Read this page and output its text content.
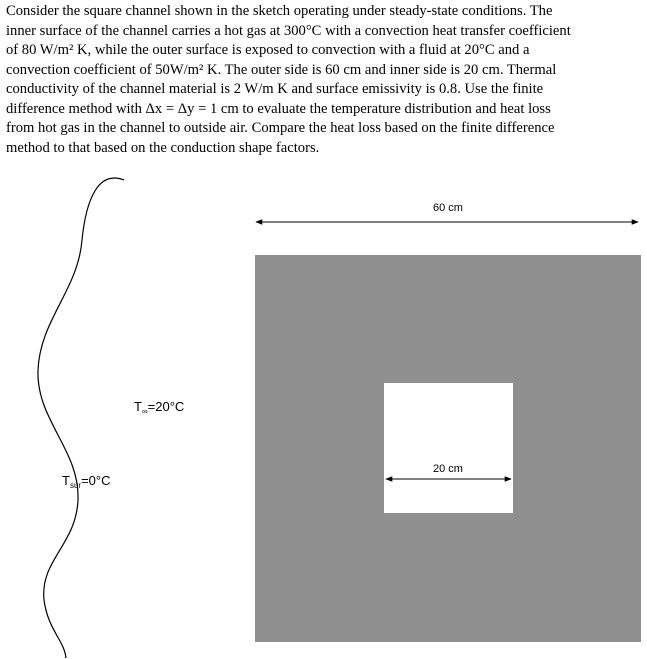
Consider the square channel shown in the sketch operating under steady-state conditions. The
inner surface of the channel carries a hot gas at 300°C with a convection heat transfer coefficient
of 80 W/m² K, while the outer surface is exposed to convection with a fluid at 20°C and a
convection coefficient of 50W/m² K. The outer side is 60 cm and inner side is 20 cm. Thermal
conductivity of the channel material is 2 W/m K and surface emissivity is 0.8. Use the finite
difference method with Δx = Δy = 1 cm to evaluate the temperature distribution and heat loss
from hot gas in the channel to outside air. Compare the heat loss based on the finite difference
method to that based on the conduction shape factors.
60 cm
20 cm
$T_\infty=20^\circ C$
$T_{sur}=0^\circ C$
